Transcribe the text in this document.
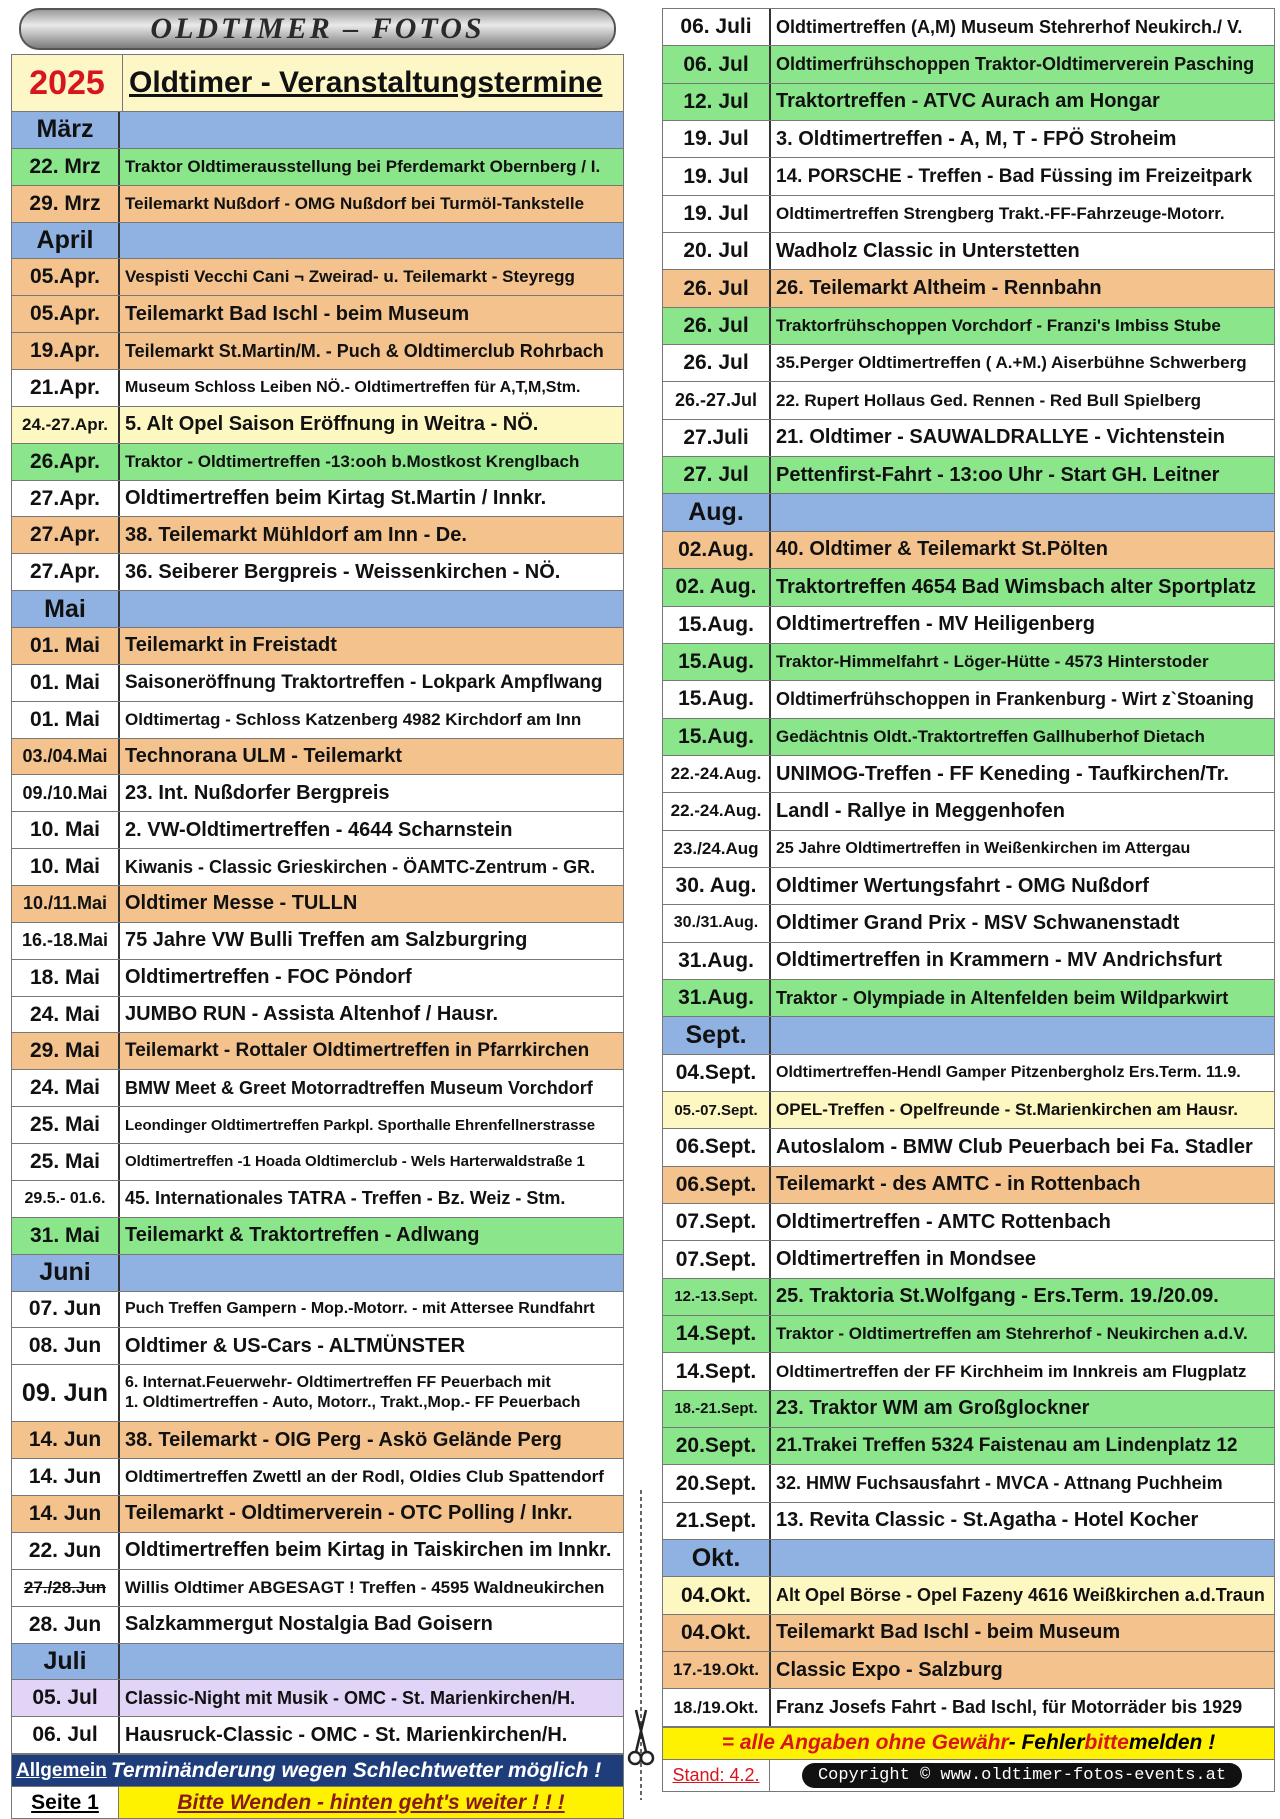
OLDTIMER – FOTOS
2025 Oldtimer - Veranstaltungstermine
März
22. Mrz	Traktor Oldtimerausstellung bei Pferdemarkt Obernberg / I.
29. Mrz	Teilemarkt Nußdorf - OMG Nußdorf bei Turmöl-Tankstelle
April
05.Apr.	Vespisti Vecchi Cani ¬ Zweirad- u. Teilemarkt - Steyregg
05.Apr.	Teilemarkt Bad Ischl - beim Museum
19.Apr.	Teilemarkt St.Martin/M. - Puch & Oldtimerclub Rohrbach
21.Apr.	Museum Schloss Leiben NÖ.- Oldtimertreffen für A,T,M,Stm.
24.-27.Apr. 5. Alt Opel Saison Eröffnung in Weitra - NÖ.
26.Apr.	Traktor - Oldtimertreffen -13:ooh b.Mostkost Krenglbach
27.Apr.	Oldtimertreffen beim Kirtag St.Martin / Innkr.
27.Apr.	38. Teilemarkt Mühldorf am Inn - De.
27.Apr.	36. Seiberer Bergpreis - Weissenkirchen - NÖ.
Mai
01. Mai	Teilemarkt in Freistadt
01. Mai	Saisoneröffnung Traktortreffen - Lokpark Ampflwang
01. Mai	Oldtimertag - Schloss Katzenberg 4982 Kirchdorf am Inn
03./04.Mai Technorana ULM - Teilemarkt
09./10.Mai 23. Int. Nußdorfer Bergpreis
10. Mai	2. VW-Oldtimertreffen - 4644 Scharnstein
10. Mai	Kiwanis - Classic Grieskirchen - ÖAMTC-Zentrum - GR.
10./11.Mai Oldtimer Messe - TULLN
16.-18.Mai 75 Jahre VW Bulli Treffen am Salzburgring
18. Mai	Oldtimertreffen - FOC Pöndorf
24. Mai	JUMBO RUN - Assista Altenhof / Hausr.
29. Mai	Teilemarkt - Rottaler Oldtimertreffen in Pfarrkirchen
24. Mai	BMW Meet & Greet Motorradtreffen Museum Vorchdorf
25. Mai	Leondinger Oldtimertreffen Parkpl. Sporthalle Ehrenfellnerstrasse
25. Mai	Oldtimertreffen -1 Hoada Oldtimerclub - Wels Harterwaldstraße 1
29.5.- 01.6.	45. Internationales TATRA - Treffen - Bz. Weiz - Stm.
31. Mai	Teilemarkt & Traktortreffen - Adlwang
Juni
07. Jun	Puch Treffen Gampern - Mop.-Motorr. - mit Attersee Rundfahrt
08. Jun	Oldtimer & US-Cars - ALTMÜNSTER
09. Jun	6. Internat.Feuerwehr- Oldtimertreffen FF Peuerbach mit
1. Oldtimertreffen - Auto, Motorr., Trakt.,Mop.- FF Peuerbach
14. Jun	38. Teilemarkt - OIG Perg - Askö Gelände Perg
14. Jun	Oldtimertreffen Zwettl an der Rodl, Oldies Club Spattendorf
14. Jun	Teilemarkt - Oldtimerverein - OTC Polling / Inkr.
22. Jun	Oldtimertreffen beim Kirtag in Taiskirchen im Innkr.
27./28.Jun	Willis Oldtimer ABGESAGT ! Treffen - 4595 Waldneukirchen
28. Jun	Salzkammergut Nostalgia Bad Goisern
Juli
05. Jul	Classic-Night mit Musik - OMC - St. Marienkirchen/H.
06. Jul	Hausruck-Classic - OMC - St. Marienkirchen/H.
Allgemein Terminänderung wegen Schlechtwetter möglich !
Seite 1	Bitte Wenden - hinten geht's weiter ! ! !
06. Juli	Oldtimertreffen (A,M) Museum Stehrerhof Neukirch./ V.
06. Jul	Oldtimerfrühschoppen Traktor-Oldtimerverein Pasching
12. Jul	Traktortreffen - ATVC Aurach am Hongar
19. Jul	3. Oldtimertreffen - A, M, T - FPÖ Stroheim
19. Jul	14. PORSCHE - Treffen - Bad Füssing im Freizeitpark
19. Jul	Oldtimertreffen Strengberg Trakt.-FF-Fahrzeuge-Motorr.
20. Jul	Wadholz Classic in Unterstetten
26. Jul	26. Teilemarkt Altheim - Rennbahn
26. Jul	Traktorfrühschoppen Vorchdorf - Franzi's Imbiss Stube
26. Jul	35.Perger Oldtimertreffen ( A.+M.) Aiserbühne Schwerberg
26.-27.Jul	22. Rupert Hollaus Ged. Rennen - Red Bull Spielberg
27.Juli	21. Oldtimer - SAUWALDRALLYE - Vichtenstein
27. Jul	Pettenfirst-Fahrt - 13:oo Uhr - Start GH. Leitner
Aug.
02.Aug.	40. Oldtimer & Teilemarkt St.Pölten
02. Aug. Traktortreffen 4654 Bad Wimsbach alter Sportplatz
15.Aug.	Oldtimertreffen - MV Heiligenberg
15.Aug.	Traktor-Himmelfahrt - Löger-Hütte - 4573 Hinterstoder
15.Aug.	Oldtimerfrühschoppen in Frankenburg - Wirt z`Stoaning
15.Aug.	Gedächtnis Oldt.-Traktortreffen Gallhuberhof Dietach
22.-24.Aug. UNIMOG-Treffen - FF Keneding - Taufkirchen/Tr.
22.-24.Aug. Landl - Rallye in Meggenhofen
23./24.Aug	25 Jahre Oldtimertreffen in Weißenkirchen im Attergau
30. Aug. Oldtimer Wertungsfahrt - OMG Nußdorf
30./31.Aug. Oldtimer Grand Prix - MSV Schwanenstadt
31.Aug.	Oldtimertreffen in Krammern - MV Andrichsfurt
31.Aug.	Traktor - Olympiade in Altenfelden beim Wildparkwirt
Sept.
04.Sept.	Oldtimertreffen-Hendl Gamper Pitzenbergholz Ers.Term. 11.9.
05.-07.Sept.	OPEL-Treffen - Opelfreunde - St.Marienkirchen am Hausr.
06.Sept. Autoslalom - BMW Club Peuerbach bei Fa. Stadler
06.Sept. Teilemarkt - des AMTC - in Rottenbach
07.Sept. Oldtimertreffen - AMTC Rottenbach
07.Sept. Oldtimertreffen in Mondsee
12.-13.Sept. 25. Traktoria St.Wolfgang - Ers.Term. 19./20.09.
14.Sept.	Traktor - Oldtimertreffen am Stehrerhof - Neukirchen a.d.V.
14.Sept.	Oldtimertreffen der FF Kirchheim im Innkreis am Flugplatz
18.-21.Sept. 23. Traktor WM am Großglockner
20.Sept.	21.Trakei Treffen 5324 Faistenau am Lindenplatz 12
20.Sept.	32. HMW Fuchsausfahrt - MVCA - Attnang Puchheim
21.Sept. 13. Revita Classic - St.Agatha - Hotel Kocher
Okt.
04.Okt.	Alt Opel Börse - Opel Fazeny 4616 Weißkirchen a.d.Traun
04.Okt.	Teilemarkt Bad Ischl - beim Museum
17.-19.Okt. Classic Expo - Salzburg
18./19.Okt. Franz Josefs Fahrt - Bad Ischl, für Motorräder bis 1929
= alle Angaben ohne Gewähr - Fehler bitte melden !
Stand: 4.2.	Copyright © www.oldtimer-fotos-events.at
